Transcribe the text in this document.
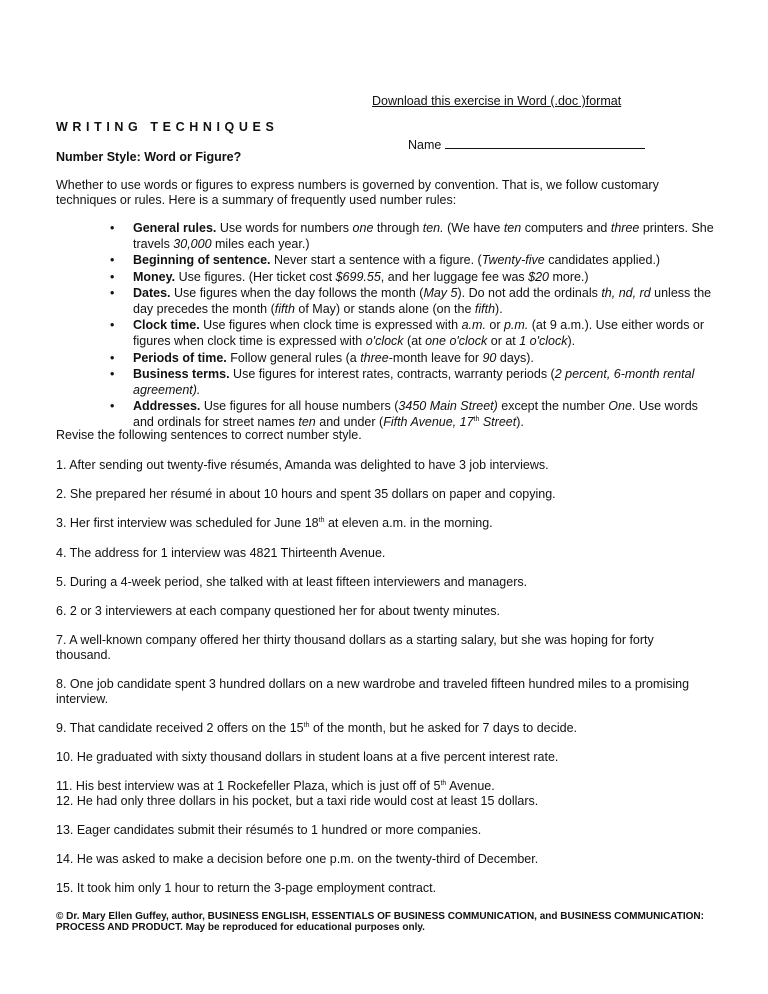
Download this exercise in Word (.doc )format
WRITING TECHNIQUES
Name
Number Style: Word or Figure?
Whether to use words or figures to express numbers is governed by convention. That is, we follow customary techniques or rules. Here is a summary of frequently used number rules:
• General rules. Use words for numbers one through ten. (We have ten computers and three printers. She travels 30,000 miles each year.)
• Beginning of sentence. Never start a sentence with a figure. (Twenty-five candidates applied.)
• Money. Use figures. (Her ticket cost $699.55, and her luggage fee was $20 more.)
• Dates. Use figures when the day follows the month (May 5). Do not add the ordinals th, nd, rd unless the day precedes the month (fifth of May) or stands alone (on the fifth).
• Clock time. Use figures when clock time is expressed with a.m. or p.m. (at 9 a.m.). Use either words or figures when clock time is expressed with o'clock (at one o'clock or at 1 o'clock).
• Periods of time. Follow general rules (a three-month leave for 90 days).
• Business terms. Use figures for interest rates, contracts, warranty periods (2 percent, 6-month rental agreement).
• Addresses. Use figures for all house numbers (3450 Main Street) except the number One. Use words and ordinals for street names ten and under (Fifth Avenue, 17th Street).
Revise the following sentences to correct number style.
1. After sending out twenty-five résumés, Amanda was delighted to have 3 job interviews.
2. She prepared her résumé in about 10 hours and spent 35 dollars on paper and copying.
3. Her first interview was scheduled for June 18th at eleven a.m. in the morning.
4. The address for 1 interview was 4821 Thirteenth Avenue.
5. During a 4-week period, she talked with at least fifteen interviewers and managers.
6. 2 or 3 interviewers at each company questioned her for about twenty minutes.
7. A well-known company offered her thirty thousand dollars as a starting salary, but she was hoping for forty thousand.
8. One job candidate spent 3 hundred dollars on a new wardrobe and traveled fifteen hundred miles to a promising interview.
9. That candidate received 2 offers on the 15th of the month, but he asked for 7 days to decide.
10. He graduated with sixty thousand dollars in student loans at a five percent interest rate.
11. His best interview was at 1 Rockefeller Plaza, which is just off of 5th Avenue.
12. He had only three dollars in his pocket, but a taxi ride would cost at least 15 dollars.
13. Eager candidates submit their résumés to 1 hundred or more companies.
14. He was asked to make a decision before one p.m. on the twenty-third of December.
15. It took him only 1 hour to return the 3-page employment contract.
© Dr. Mary Ellen Guffey, author, BUSINESS ENGLISH, ESSENTIALS OF BUSINESS COMMUNICATION, and BUSINESS COMMUNICATION: PROCESS AND PRODUCT. May be reproduced for educational purposes only.
